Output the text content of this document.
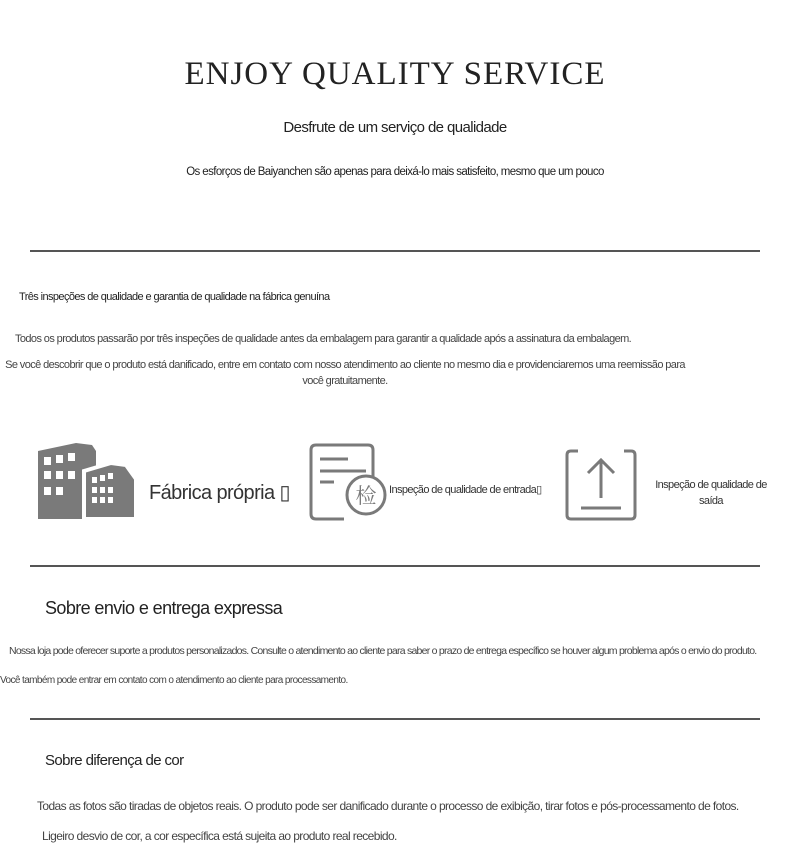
ENJOY QUALITY SERVICE
Desfrute de um serviço de qualidade
Os esforços de Baiyanchen são apenas para deixá-lo mais satisfeito, mesmo que um pouco
Três inspeções de qualidade e garantia de qualidade na fábrica genuína
Todos os produtos passarão por três inspeções de qualidade antes da embalagem para garantir a qualidade após a assinatura da embalagem.
Se você descobrir que o produto está danificado, entre em contato com nosso atendimento ao cliente no mesmo dia e providenciaremos uma reemissão para você gratuitamente.
Fábrica própria ▯	检 Inspeção de qualidade de entrada▯	Inspeção de qualidade de saída
Sobre envio e entrega expressa
Nossa loja pode oferecer suporte a produtos personalizados. Consulte o atendimento ao cliente para saber o prazo de entrega específico se houver algum problema após o envio do produto.
Você também pode entrar em contato com o atendimento ao cliente para processamento.
Sobre diferença de cor
Todas as fotos são tiradas de objetos reais. O produto pode ser danificado durante o processo de exibição, tirar fotos e pós-processamento de fotos.
Ligeiro desvio de cor, a cor específica está sujeita ao produto real recebido.
